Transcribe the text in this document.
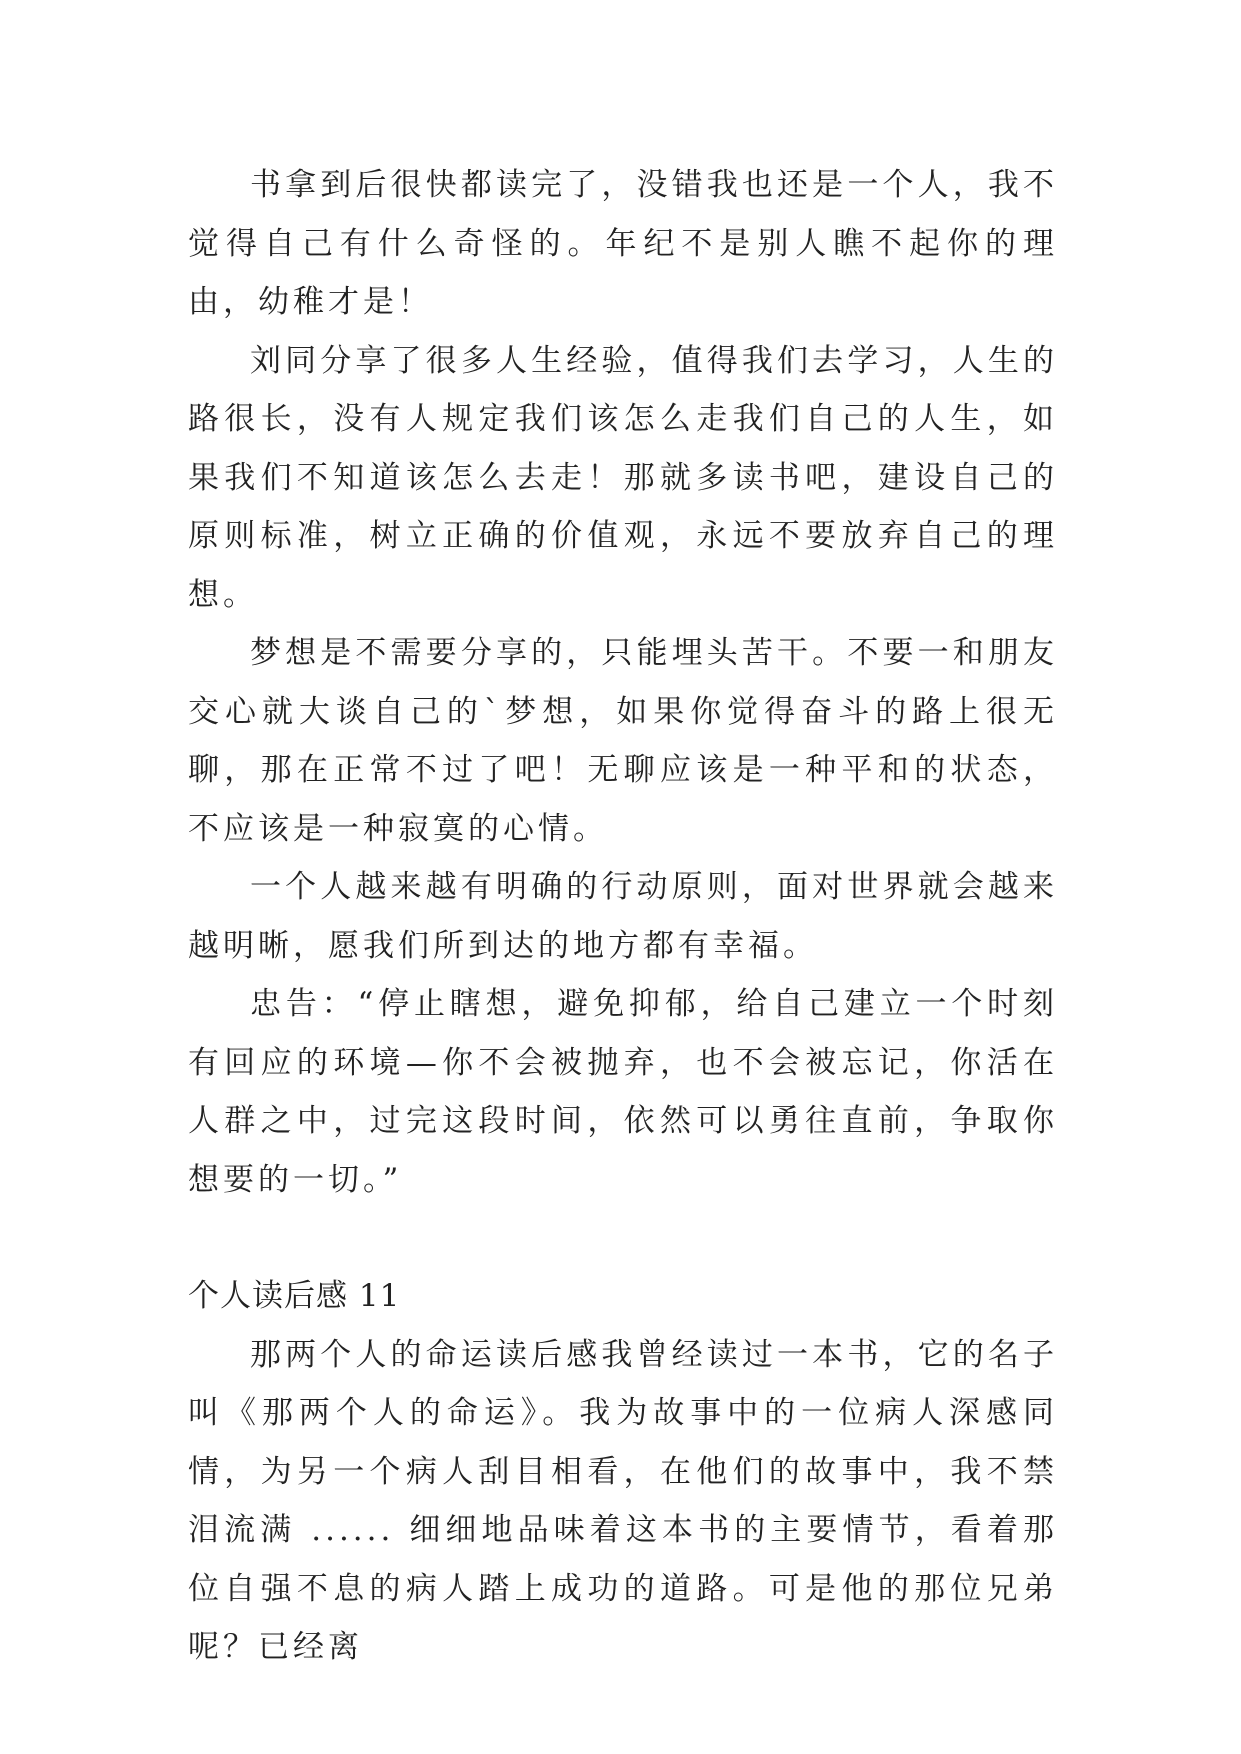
书拿到后很快都读完了，没错我也还是一个人，我不觉得自己有什么奇怪的。年纪不是别人瞧不起你的理由，幼稚才是！

刘同分享了很多人生经验，值得我们去学习，人生的路很长，没有人规定我们该怎么走我们自己的人生，如果我们不知道该怎么去走！那就多读书吧，建设自己的原则标准，树立正确的价值观，永远不要放弃自己的理想。

梦想是不需要分享的，只能埋头苦干。不要一和朋友交心就大谈自己的`梦想，如果你觉得奋斗的路上很无聊，那在正常不过了吧！无聊应该是一种平和的状态，不应该是一种寂寞的心情。

一个人越来越有明确的行动原则，面对世界就会越来越明晰，愿我们所到达的地方都有幸福。

忠告：“停止瞎想，避免抑郁，给自己建立一个时刻有回应的环境—你不会被抛弃，也不会被忘记，你活在人群之中，过完这段时间，依然可以勇往直前，争取你想要的一切。”

个人读后感 11

那两个人的命运读后感我曾经读过一本书，它的名子叫《那两个人的命运》。我为故事中的一位病人深感同情，为另一个病人刮目相看，在他们的故事中，我不禁泪流满 ...... 细细地品味着这本书的主要情节，看着那位自强不息的病人踏上成功的道路。可是他的那位兄弟呢？已经离
